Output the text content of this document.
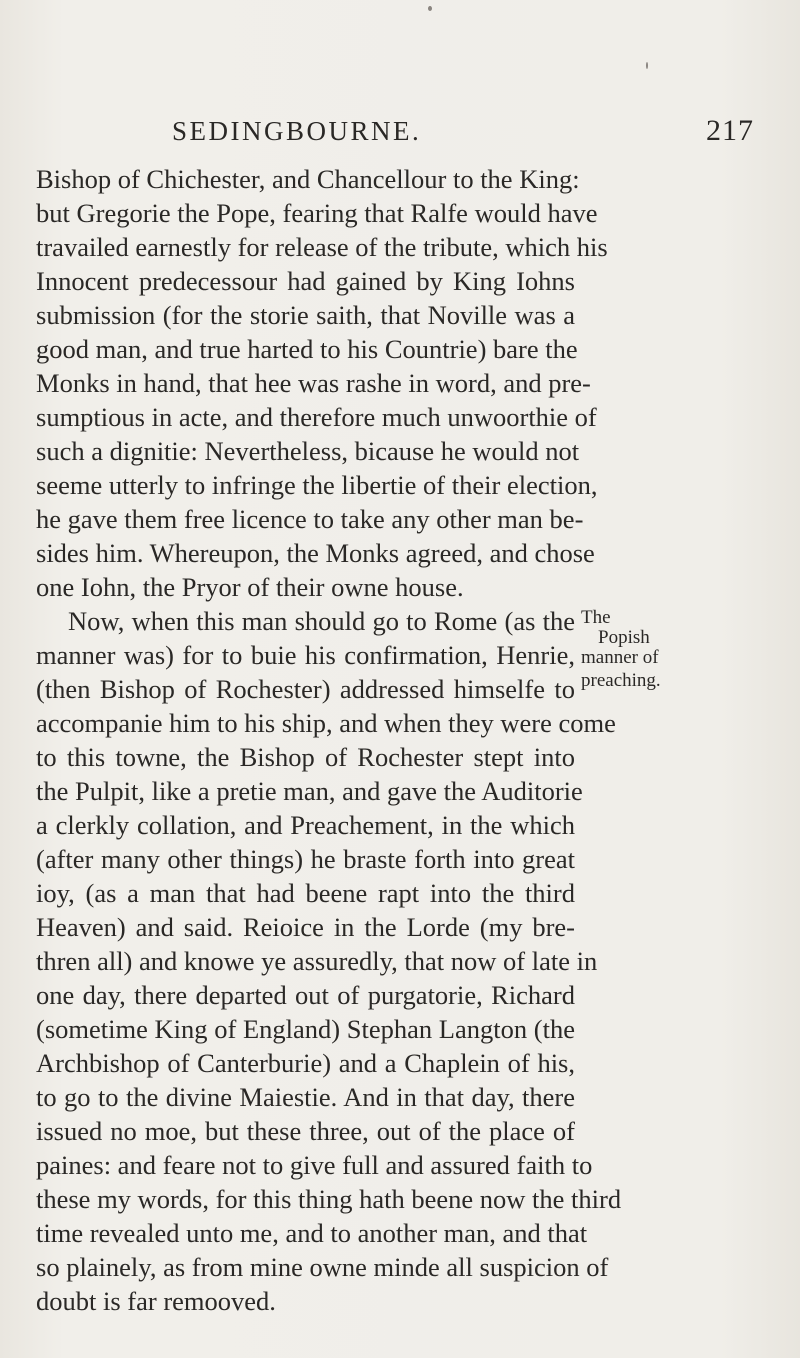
SEDINGBOURNE.	217
Bishop of Chichester, and Chancellour to the King:
but Gregorie the Pope, fearing that Ralfe would have
travailed earnestly for release of the tribute, which his
Innocent predecessour had gained by King Iohns
submission (for the storie saith, that Noville was a
good man, and true harted to his Countrie) bare the
Monks in hand, that hee was rashe in word, and pre-
sumptious in acte, and therefore much unwoorthie of
such a dignitie: Nevertheless, bicause he would not
seeme utterly to infringe the libertie of their election,
he gave them free licence to take any other man be-
sides him. Whereupon, the Monks agreed, and chose
one Iohn, the Pryor of their owne house.
Now, when this man should go to Rome (as the
manner was) for to buie his confirmation, Henrie,
(then Bishop of Rochester) addressed himselfe to
accompanie him to his ship, and when they were come
to this towne, the Bishop of Rochester stept into
the Pulpit, like a pretie man, and gave the Auditorie
a clerkly collation, and Preachement, in the which
(after many other things) he braste forth into great
ioy, (as a man that had beene rapt into the third
Heaven) and said. Reioice in the Lorde (my bre-
thren all) and knowe ye assuredly, that now of late in
one day, there departed out of purgatorie, Richard
(sometime King of England) Stephan Langton (the
Archbishop of Canterburie) and a Chaplein of his,
to go to the divine Maiestie. And in that day, there
issued no moe, but these three, out of the place of
paines: and feare not to give full and assured faith to
these my words, for this thing hath beene now the third
time revealed unto me, and to another man, and that
so plainely, as from mine owne minde all suspicion of
doubt is far remooved.
The
Popish
manner of
preaching.
